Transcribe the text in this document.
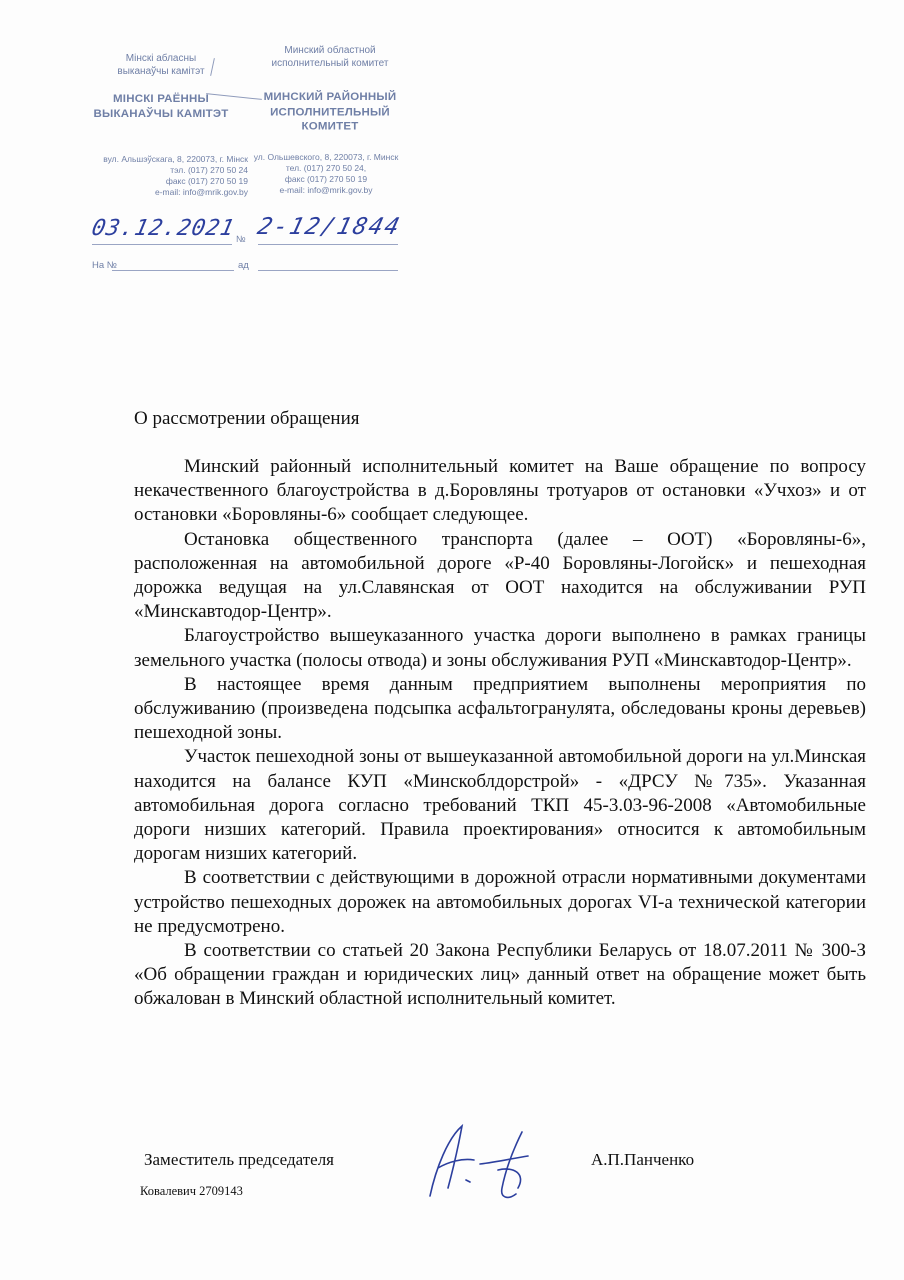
Мінскі абласны

выканаўчы камітэт

МІНСКІ РАЁННЫ

ВЫКАНАЎЧЫ КАМІТЭТ

Минский областной

исполнительный комитет

МИНСКИЙ РАЙОННЫЙ

ИСПОЛНИТЕЛЬНЫЙ КОМИТЕТ

вул. Альшэўскага, 8, 220073, г. Мінск

тэл. (017) 270 50 24

факс (017) 270 50 19

e-mail: info@mrik.gov.by

ул. Ольшевского, 8, 220073, г. Минск

тел. (017) 270 50 24,

факс (017) 270 50 19

e-mail: info@mrik.gov.by

03.12.2021
№ 2-12/1844
На №	ад
О рассмотрении обращения

Минский районный исполнительный комитет на Ваше обращение по вопросу некачественного благоустройства в д.Боровляны тротуаров от остановки «Учхоз» и от остановки «Боровляны-6» сообщает следующее.

Остановка общественного транспорта (далее – ООТ) «Боровляны-6», расположенная на автомобильной дороге «Р-40 Боровляны-Логойск» и пешеходная дорожка ведущая на ул.Славянская от ООТ находится на обслуживании РУП «Минскавтодор-Центр».

Благоустройство вышеуказанного участка дороги выполнено в рамках границы земельного участка (полосы отвода) и зоны обслуживания РУП «Минскавтодор-Центр».

В настоящее время данным предприятием выполнены мероприятия по обслуживанию (произведена подсыпка асфальтогранулята, обследованы кроны деревьев) пешеходной зоны.

Участок пешеходной зоны от вышеуказанной автомобильной дороги на ул.Минская находится на балансе КУП «Минскоблдорстрой» - «ДРСУ №735». Указанная автомобильная дорога согласно требований ТКП 45-3.03-96-2008 «Автомобильные дороги низших категорий. Правила проектирования» относится к автомобильным дорогам низших категорий.

В соответствии с действующими в дорожной отрасли нормативными документами устройство пешеходных дорожек на автомобильных дорогах VI-а технической категории не предусмотрено.

В соответствии со статьей 20 Закона Республики Беларусь от 18.07.2011 № 300-З «Об обращении граждан и юридических лиц» данный ответ на обращение может быть обжалован в Минский областной исполнительный комитет.

Заместитель председателя	А.П.Панченко
Ковалевич 2709143
